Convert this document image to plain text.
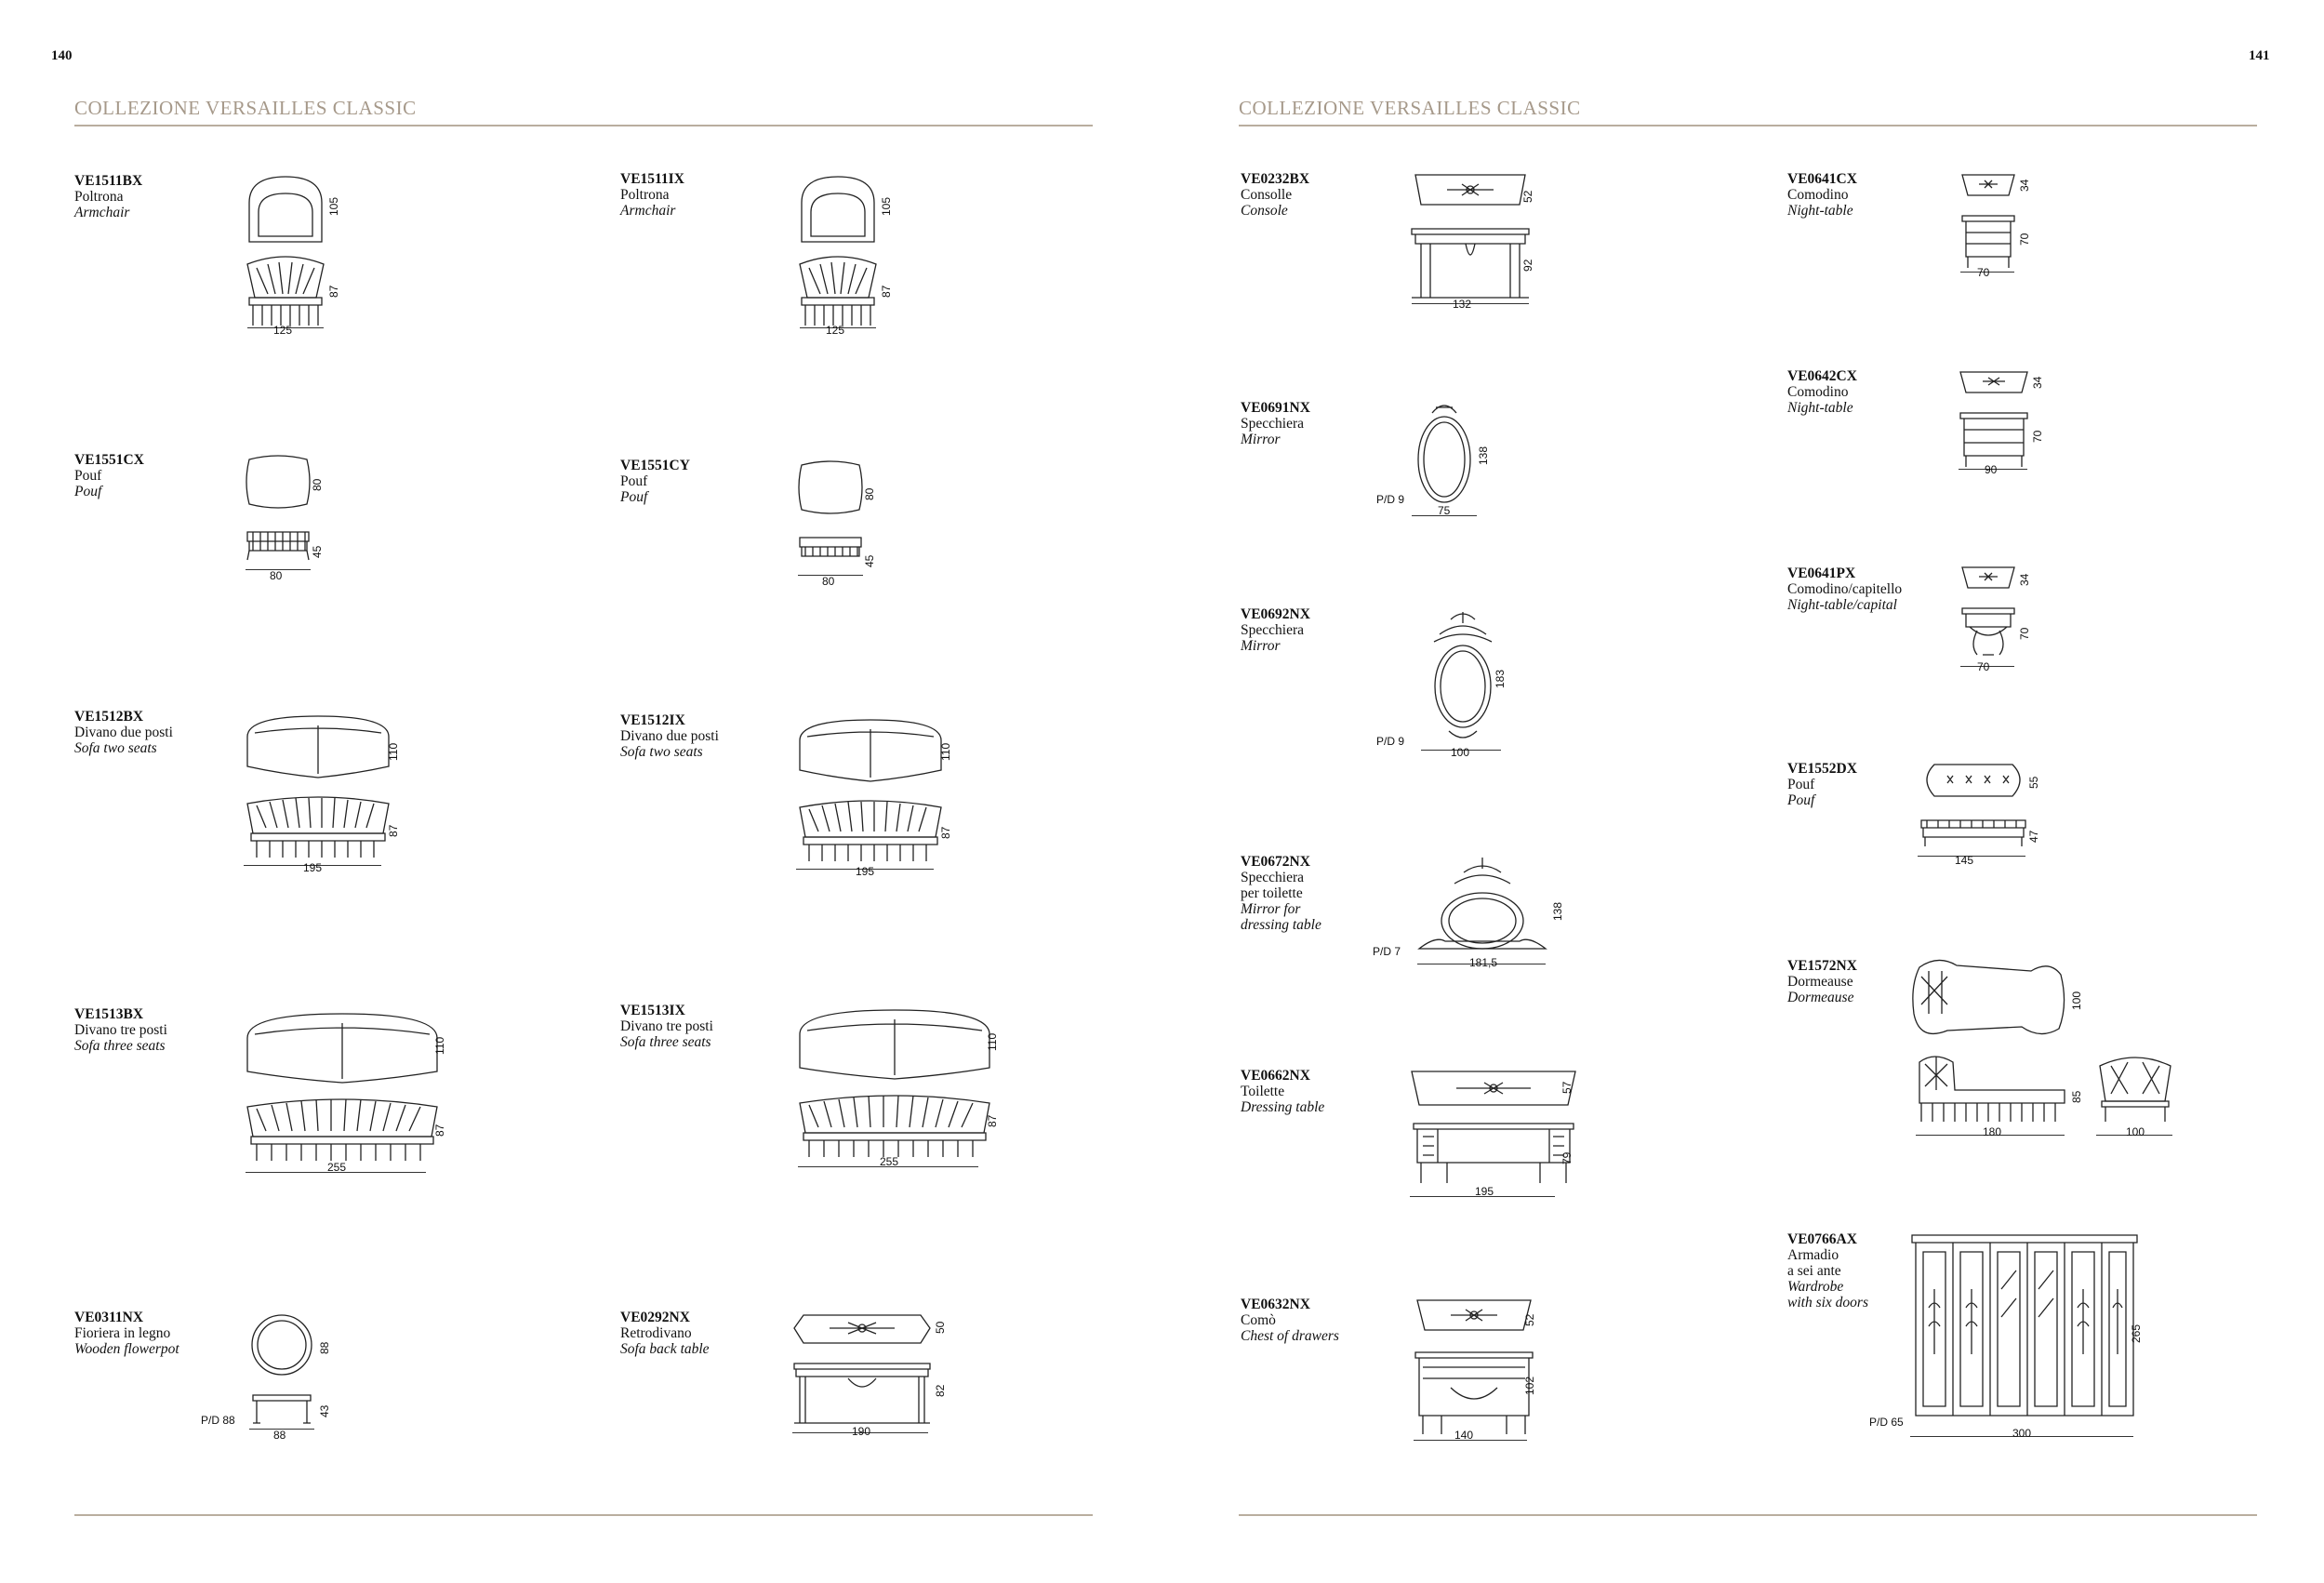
140	141
COLLEZIONE VERSAILLES CLASSIC	COLLEZIONE VERSAILLES CLASSIC
VE1511BX
Poltrona
Armchair	105
87
125
VE1511IX
Poltrona
Armchair	105
87
125
VE1551CX
Pouf
Pouf	80
45
80
VE1551CY
Pouf
Pouf	80
45
80
VE1512BX
Divano due posti
Sofa two seats	110
87
195
VE1512IX
Divano due posti
Sofa two seats	110
87
195
VE1513BX
Divano tre posti
Sofa three seats	110
87
255
VE1513IX
Divano tre posti
Sofa three seats	110
87
255
VE0311NX
Fioriera in legno
Wooden flowerpot	88
43
P/D 88
88
VE0292NX
Retrodivano
Sofa back table
50
82
190
VE0232BX
Consolle
Console
52
92
132
VE0691NX
Specchiera
Mirror
138
P/D 9
75
VE0692NX
Specchiera
Mirror
183
P/D 9
100
VE0672NX
Specchiera
per toilette
Mirror for
dressing table
138
P/D 7
181,5
VE0662NX
Toilette
Dressing table
57
79
195
VE0632NX
Comò
Chest of drawers
52
102
140
VE0641CX
Comodino
Night-table
34
70
70
VE0642CX
Comodino
Night-table
34
70
90
VE0641PX
Comodino/capitello
Night-table/capital
34
70
70
VE1552DX
Pouf
Pouf
55
47
145
VE1572NX
Dormeause
Dormeause	100
85
180	100
VE0766AX
Armadio
a sei ante
Wardrobe
with six doors
265
P/D 65
300
